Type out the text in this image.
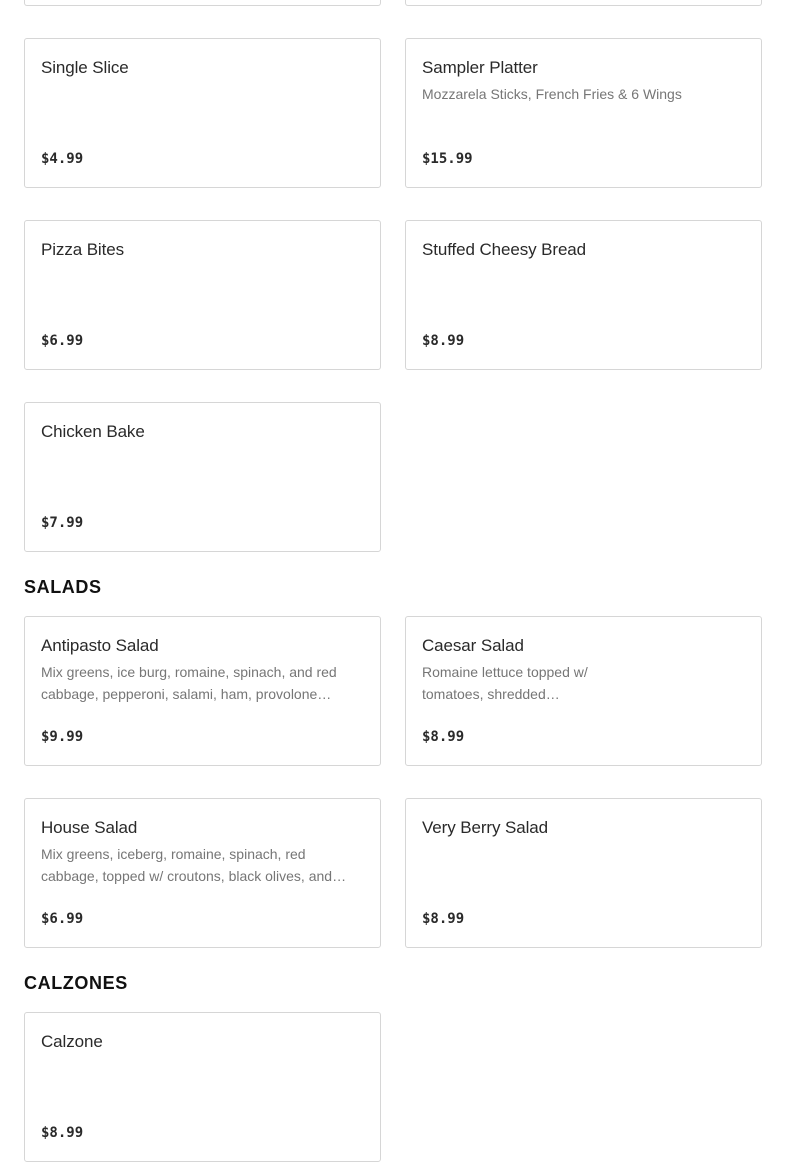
Single Slice
$4.99
Sampler Platter
Mozzarela Sticks, French Fries & 6 Wings
$15.99
Pizza Bites
$6.99
Stuffed Cheesy Bread
$8.99
Chicken Bake
$7.99
SALADS
Antipasto Salad
Mix greens, ice burg, romaine, spinach, and red cabbage, pepperoni, salami, ham, provolone…
$9.99
Caesar Salad
Romaine lettuce topped w/ tomatoes, shredded…
$8.99
House Salad
Mix greens, iceberg, romaine, spinach, red cabbage, topped w/ croutons, black olives, and…
$6.99
Very Berry Salad
$8.99
CALZONES
Calzone
$8.99
